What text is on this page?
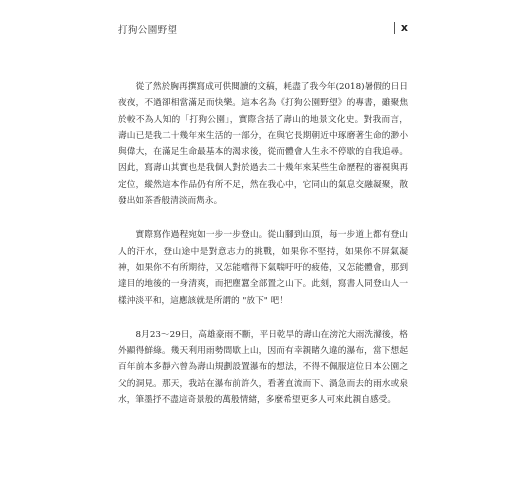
打狗公園野望	x

從了然於胸再撰寫成可供閱讀的文稿，耗盡了我今年(2018)暑假的日日夜夜，不過卻相當滿足而快樂。這本名為《打狗公園野望》的專書，雖聚焦於較不為人知的「打狗公園」，實際含括了壽山的地景文化史。對我而言，壽山已是我二十幾年來生活的一部分，在與它長期朝近中琢磨著生命的渺小與偉大，在滿足生命最基本的渴求後，從而體會人生永不停歇的自我追尋。因此，寫壽山其實也是我個人對於過去二十幾年來某些生命歷程的審視與再定位，縱然這本作品仍有所不足，然在我心中，它同山的氣息交融凝聚，散發出如茶香般清淡而雋永。

實際寫作過程宛如一步一步登山。從山腳到山頂，每一步道上都有登山人的汗水，登山途中是對意志力的挑戰，如果你不堅持，如果你不屏氣凝神，如果你不有所期待，又怎能嚐得下氣喘吁吁的疲倦，又怎能體會，那到達目的地後的一身清爽，而把塵囂全部置之山下。此刻，寫書人同登山人一樣沖淡平和，這應該就是所謂的 "放下" 吧！

8月23～29日，高雄豪雨不斷，平日乾旱的壽山在滂沱大雨洗滌後，格外顯得鮮綠。幾天利用雨勢間歇上山，因而有幸親睹久違的瀑布，當下想起百年前本多靜六曾為壽山規劃設置瀑布的想法，不得不佩服這位日本公園之父的洞見。那天，我站在瀑布前許久，看著直流而下、渦急而去的雨水或泉水，筆墨抒不盡這奇景般的萬般情緒，多麼希望更多人可來此親自感受。
